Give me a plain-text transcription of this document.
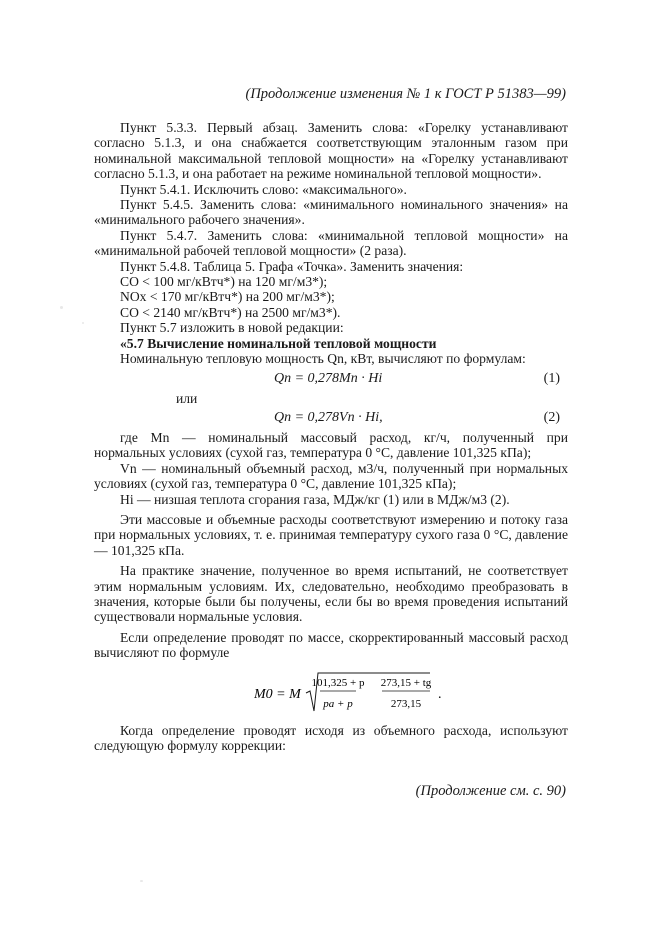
(Продолжение изменения № 1 к ГОСТ Р 51383—99)

Пункт 5.3.3. Первый абзац. Заменить слова: «Горелку устанавливают согласно 5.1.3, и она снабжается соответствующим эталонным газом при номинальной максимальной тепловой мощности» на «Горелку устанавливают согласно 5.1.3, и она работает на режиме номинальной тепловой мощности».

Пункт 5.4.1. Исключить слово: «максимального».

Пункт 5.4.5. Заменить слова: «минимального номинального значения» на «минимального рабочего значения».

Пункт 5.4.7. Заменить слова: «минимальной тепловой мощности» на «минимальной рабочей тепловой мощности» (2 раза).

Пункт 5.4.8. Таблица 5. Графа «Точка». Заменить значения:

CO < 100 мг/кВтч*) на 120 мг/м3*);

NOx < 170 мг/кВтч*) на 200 мг/м3*);

CO < 2140 мг/кВтч*) на 2500 мг/м3*).

Пункт 5.7 изложить в новой редакции:

«5.7 Вычисление номинальной тепловой мощности

Номинальную тепловую мощность Qn, кВт, вычисляют по формулам:

Qn = 0,278Mn · Hi	(1)

или

Qn = 0,278Vn · Hi,	(2)

где Mn — номинальный массовый расход, кг/ч, полученный при нормальных условиях (сухой газ, температура 0 °C, давление 101,325 кПа);

Vn — номинальный объемный расход, м3/ч, полученный при нормальных условиях (сухой газ, температура 0 °C, давление 101,325 кПа);

Hi — низшая теплота сгорания газа, МДж/кг (1) или в МДж/м3 (2).

Эти массовые и объемные расходы соответствуют измерению и потоку газа при нормальных условиях, т. е. принимая температуру сухого газа 0 °C, давление — 101,325 кПа.

На практике значение, полученное во время испытаний, не соответствует этим нормальным условиям. Их, следовательно, необходимо преобразовать в значения, которые были бы получены, если бы во время проведения испытаний существовали нормальные условия.

Если определение проводят по массе, скорректированный массовый расход вычисляют по формуле

M0 = M
101,325 + p
pa + p
273,15 + tg
273,15
.

Когда определение проводят исходя из объемного расхода, используют следующую формулу коррекции:

(Продолжение см. с. 90)
